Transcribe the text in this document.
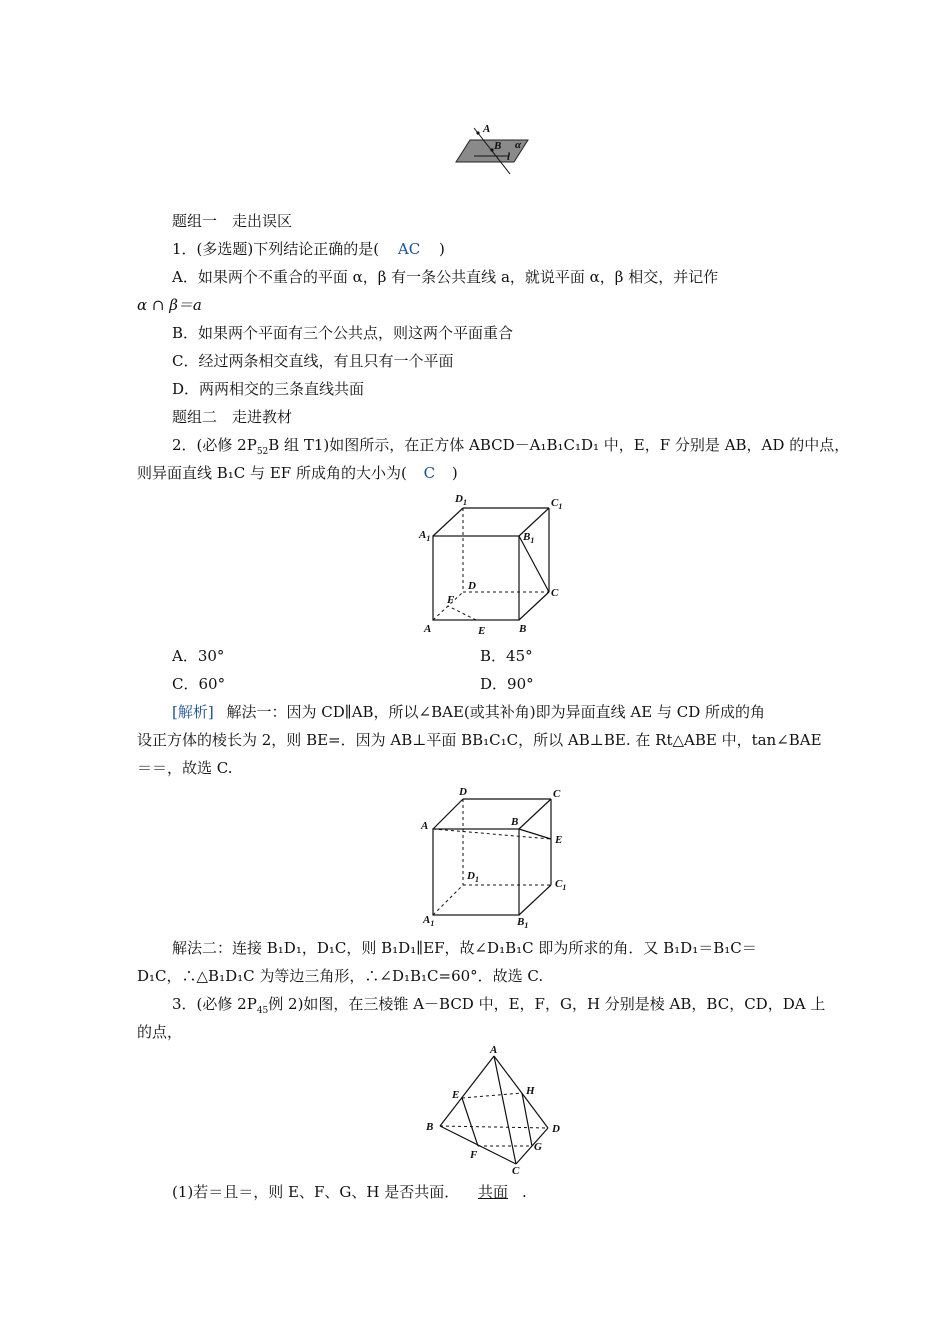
A
B α
l
题组一　走出误区
1．(多选题)下列结论正确的是( AC )
A．如果两个不重合的平面 α，β 有一条公共直线 a，就说平面 α，β 相交，并记作
α ∩ β＝a
B．如果两个平面有三个公共点，则这两个平面重合
C．经过两条相交直线，有且只有一个平面
D．两两相交的三条直线共面
题组二　走进教材
2．(必修 $2P_{52}B$ 组 T1)如图所示，在正方体 ABCD－A₁B₁C₁D₁ 中，E，F 分别是 AB，AD 的中点，
则异面直线 B₁C 与 EF 所成角的大小为( C )
$D_1$	$C_1$
$A_1$	$B_1$
D
C
F
A	E	B
A．30°	B．45°
C．60°	D．90°
[解析] 解法一：因为 CD∥AB，所以∠BAE(或其补角)即为异面直线 AE 与 CD 所成的角
设正方体的棱长为 2，则 BE=．因为 AB⊥平面 BB₁C₁C，所以 AB⊥BE. 在 Rt△ABE 中，tan∠BAE
＝＝，故选 C.
D	C
A	B
E
$D_1$	$C_1$
$A_1$	$B_1$
解法二：连接 B₁D₁，D₁C，则 B₁D₁∥EF，故∠D₁B₁C 即为所求的角．又 B₁D₁＝B₁C＝
D₁C，∴△B₁D₁C 为等边三角形，∴∠D₁B₁C=60°．故选 C.
3．(必修 $2P_{45}$例 2)如图，在三棱锥 A－BCD 中，E，F，G，H 分别是棱 AB，BC，CD，DA 上
的点，
A
E	H
B	D
F
G
C
(1)若＝且＝，则 E、F、G、H 是否共面． 共面 .
